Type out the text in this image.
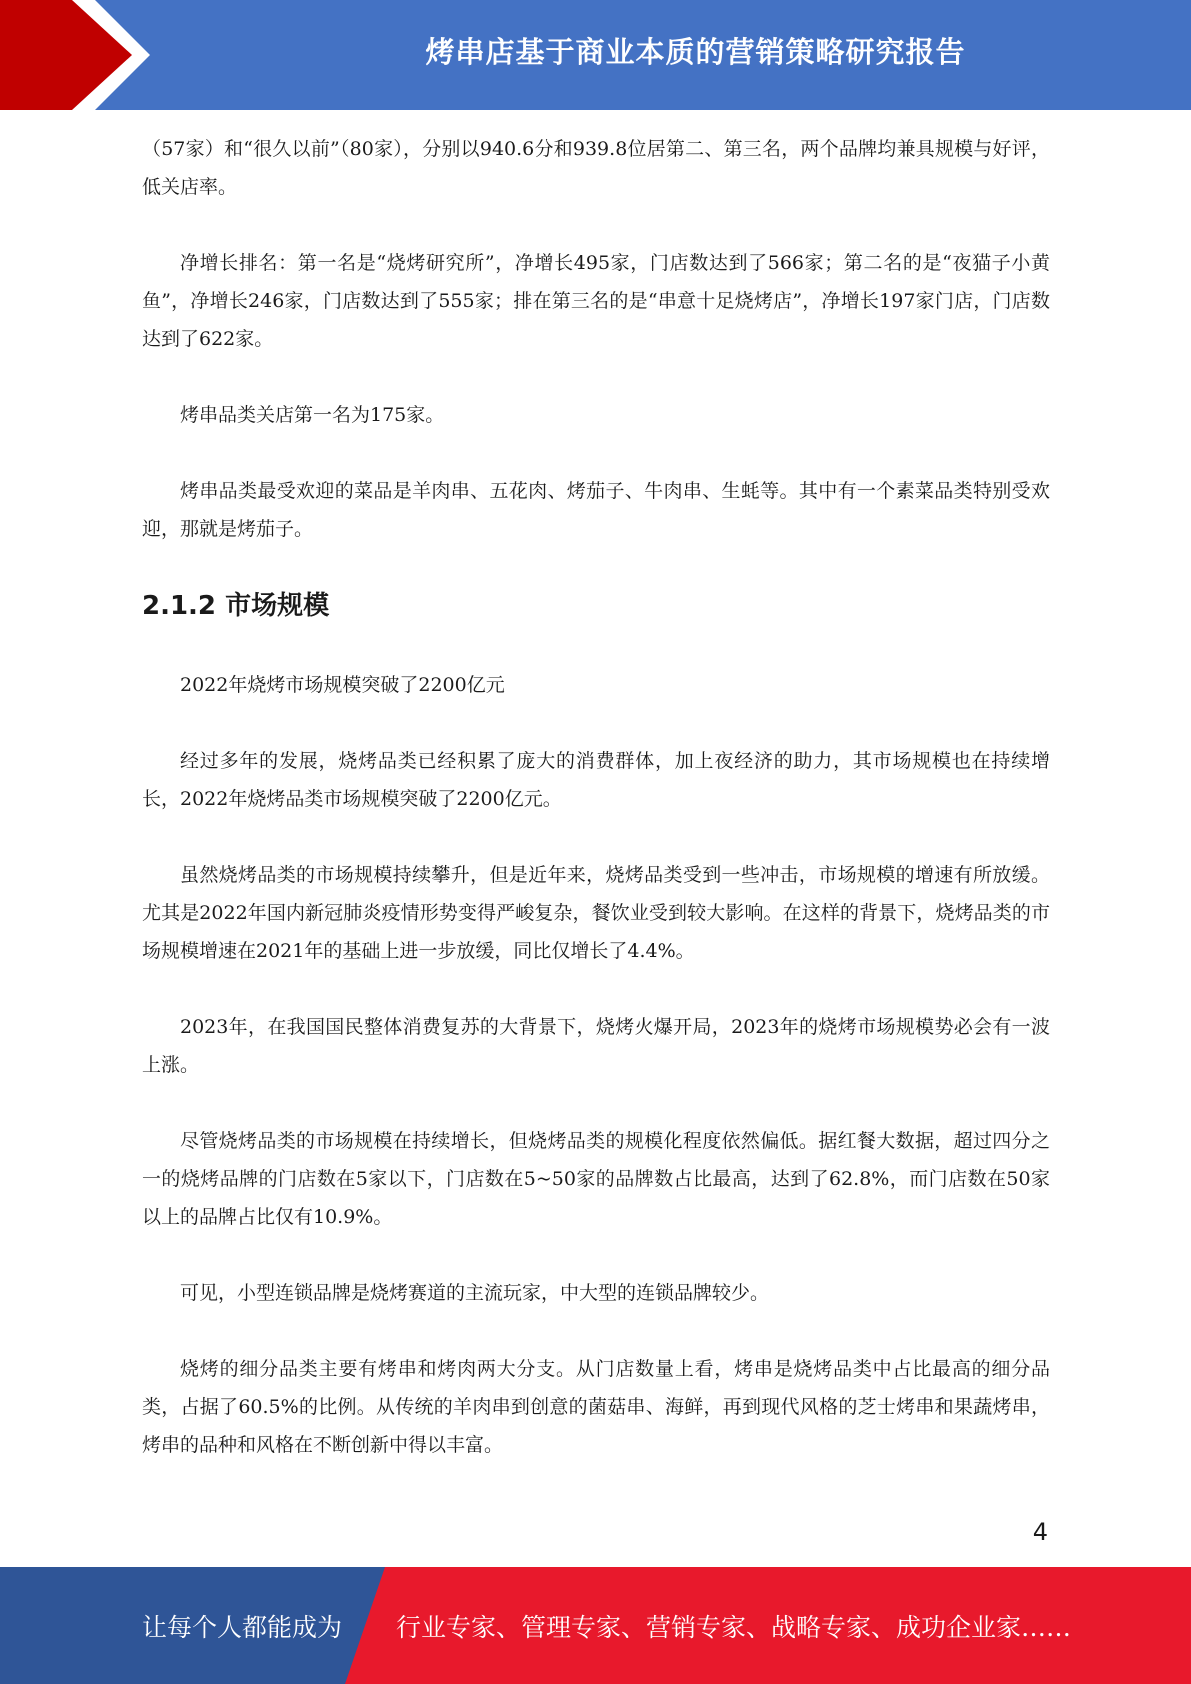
烤串店基于商业本质的营销策略研究报告

（57家）和“很久以前”（80家），分别以940.6分和939.8位居第二、第三名，两个品牌均兼具规模与好评，低关店率。

净增长排名：第一名是“烧烤研究所”，净增长495家，门店数达到了566家；第二名的是“夜猫子小黄鱼”，净增长246家，门店数达到了555家；排在第三名的是“串意十足烧烤店”，净增长197家门店，门店数达到了622家。

烤串品类关店第一名为175家。

烤串品类最受欢迎的菜品是羊肉串、五花肉、烤茄子、牛肉串、生蚝等。其中有一个素菜品类特别受欢迎，那就是烤茄子。

2.1.2 市场规模

2022年烧烤市场规模突破了2200亿元

经过多年的发展，烧烤品类已经积累了庞大的消费群体，加上夜经济的助力，其市场规模也在持续增长，2022年烧烤品类市场规模突破了2200亿元。

虽然烧烤品类的市场规模持续攀升，但是近年来，烧烤品类受到一些冲击，市场规模的增速有所放缓。尤其是2022年国内新冠肺炎疫情形势变得严峻复杂，餐饮业受到较大影响。在这样的背景下，烧烤品类的市场规模增速在2021年的基础上进一步放缓，同比仅增长了4.4%。

2023年，在我国国民整体消费复苏的大背景下，烧烤火爆开局，2023年的烧烤市场规模势必会有一波上涨。

尽管烧烤品类的市场规模在持续增长，但烧烤品类的规模化程度依然偏低。据红餐大数据，超过四分之一的烧烤品牌的门店数在5家以下，门店数在5~50家的品牌数占比最高，达到了62.8%，而门店数在50家以上的品牌占比仅有10.9%。

可见，小型连锁品牌是烧烤赛道的主流玩家，中大型的连锁品牌较少。

烧烤的细分品类主要有烤串和烤肉两大分支。从门店数量上看，烤串是烧烤品类中占比最高的细分品类，占据了60.5%的比例。从传统的羊肉串到创意的菌菇串、海鲜，再到现代风格的芝士烤串和果蔬烤串，烤串的品种和风格在不断创新中得以丰富。

4
让每个人都能成为 行业专家、管理专家、营销专家、战略专家、成功企业家……
